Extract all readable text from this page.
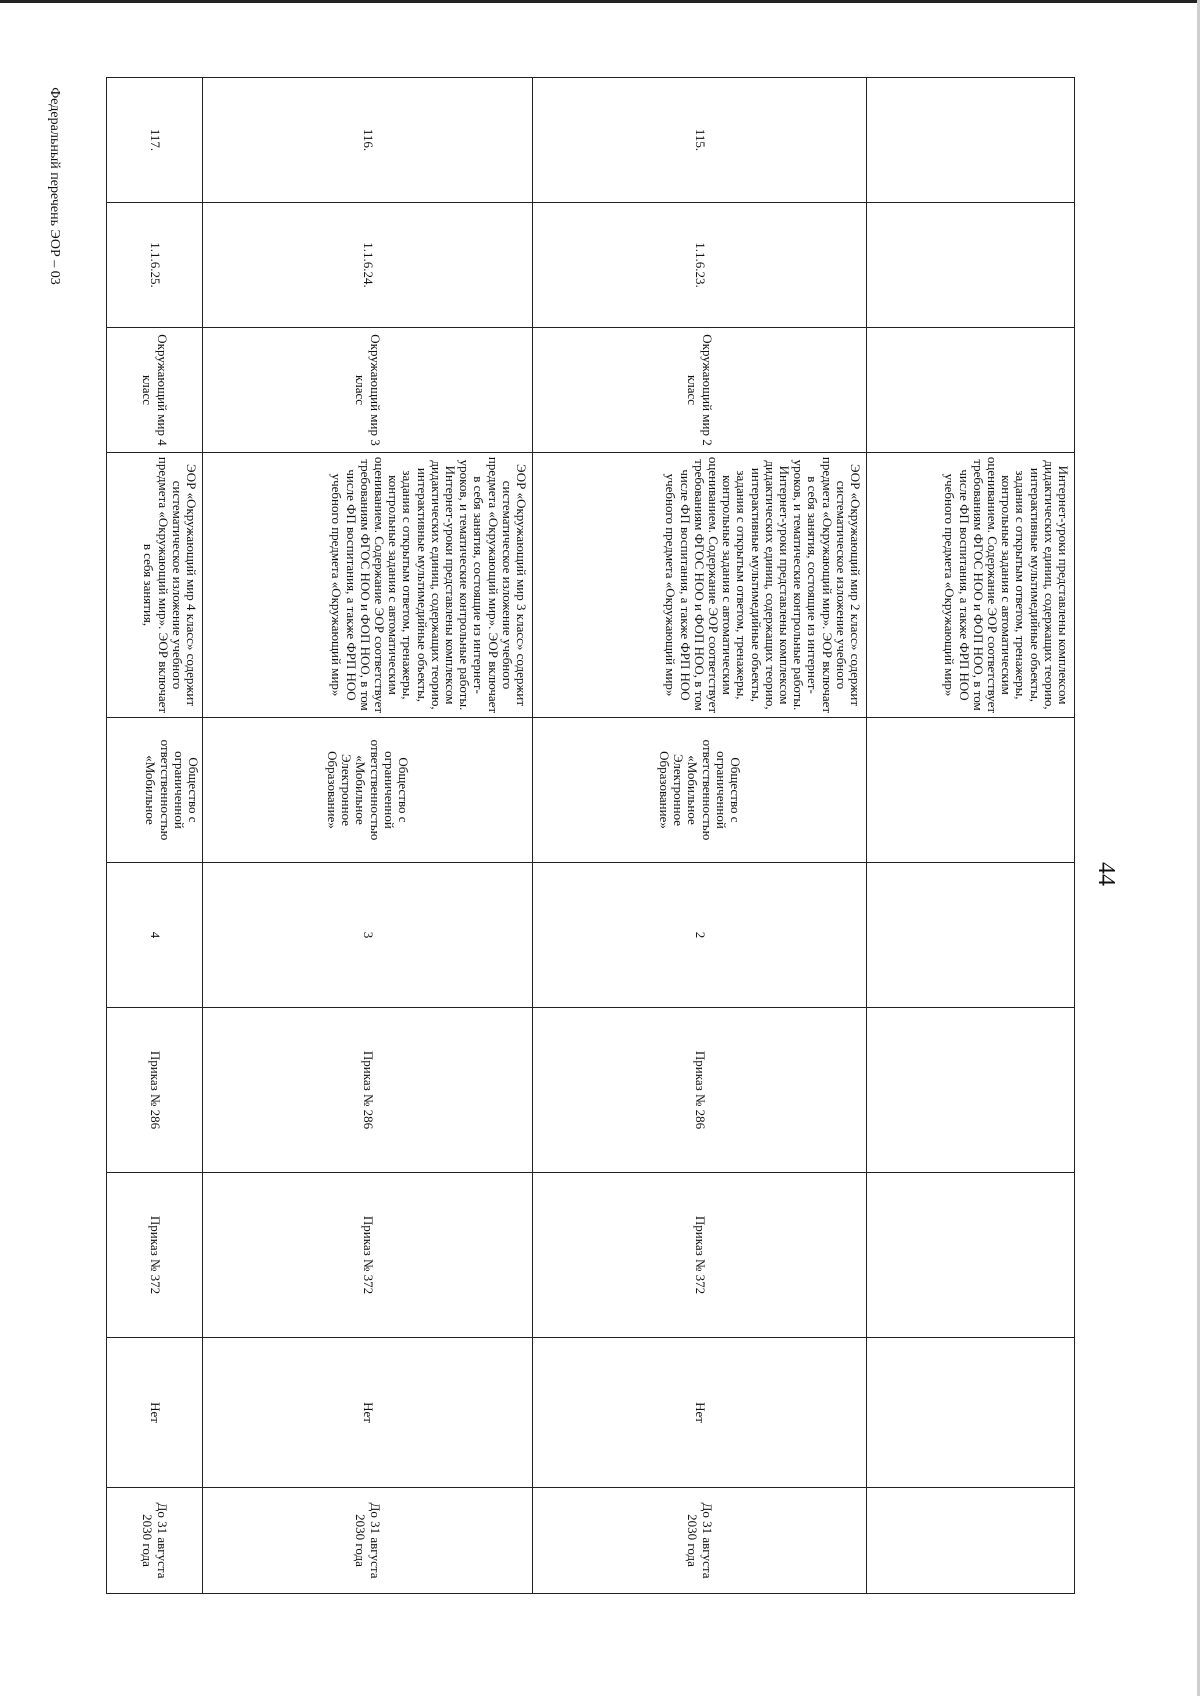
44
Федеральный перечень ЭОР – 03
			Интернет-уроки представлены комплексом дидактических единиц, содержащих теорию, интерактивные мультимедийные объекты, задания с открытым ответом, тренажеры, контрольные задания с автоматическим оцениванием. Содержание ЭОР соответствует требованиям ФГОС НОО и ФОП НОО, в том числе ФП воспитания, а также ФРП НОО учебного предмета «Окружающий мир»						
115.	1.1.6.23.	Окружающий мир 2 класс	ЭОР «Окружающий мир 2 класс» содержит систематическое изложение учебного предмета «Окружающий мир». ЭОР включает в себя занятия, состоящие из интернет-уроков, и тематические контрольные работы. Интернет-уроки представлены комплексом дидактических единиц, содержащих теорию, интерактивные мультимедийные объекты, задания с открытым ответом, тренажеры, контрольные задания с автоматическим оцениванием. Содержание ЭОР соответствует требованиям ФГОС НОО и ФОП НОО, в том числе ФП воспитания, а также ФРП НОО учебного предмета «Окружающий мир»	Общество с ограниченной ответственностью «Мобильное Электронное Образование»	2	Приказ № 286	Приказ № 372	Нет	До 31 августа 2030 года
116.	1.1.6.24.	Окружающий мир 3 класс	ЭОР «Окружающий мир 3 класс» содержит систематическое изложение учебного предмета «Окружающий мир». ЭОР включает в себя занятия, состоящие из интернет-уроков, и тематические контрольные работы. Интернет-уроки представлены комплексом дидактических единиц, содержащих теорию, интерактивные мультимедийные объекты, задания с открытым ответом, тренажеры, контрольные задания с автоматическим оцениванием. Содержание ЭОР соответствует требованиям ФГОС НОО и ФОП НОО, в том числе ФП воспитания, а также ФРП НОО учебного предмета «Окружающий мир»	Общество с ограниченной ответственностью «Мобильное Электронное Образование»	3	Приказ № 286	Приказ № 372	Нет	До 31 августа 2030 года
117.	1.1.6.25.	Окружающий мир 4 класс	ЭОР «Окружающий мир 4 класс» содержит систематическое изложение учебного предмета «Окружающий мир». ЭОР включает в себя занятия,	Общество с ограниченной ответственностью «Мобильное	4	Приказ № 286	Приказ № 372	Нет	До 31 августа 2030 года
